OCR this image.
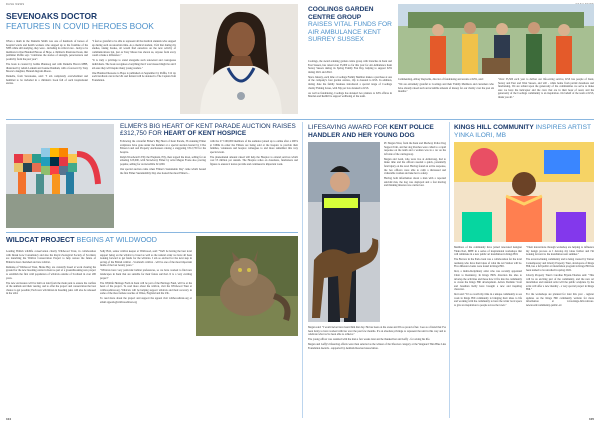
DASH NEWS
SEVENOAKS DOCTOR
FEATURES IN COVID HEROES BOOK

When a mum in the Danielle Smith was one of hundreds of heroes of hospital wards and health workers who stepped up to the frontline of the NHS while still studying, they were - including its critical care - lucky to be members in One Hundred Heroes of Hope, a children's illustrated book, that publisher Puffin says "celebrates the stories of strength, perseverance and positivity from the past year".

The book is created by Jeddie Phuntsog and with Danielle Brown MBE, illustrated by Adam Larkum and Joanne Dunham, with a foreword by Tony Moore's daughter, Hannah Ingram-Moore.

Danielle, from Sevenoaks, said: "I am completely overwhelmed and humbled to be included in a children's book full of such inspirational stories.

"I feel so grateful to be able to represent all the medical students who stepped up during such an uncertain time. As a medical student, I felt that during my studies, taking breaks, all would find ourselves on the new activity of communications but, just as Tony Moore has shown us, anyone from every could a make a difference."

"It is truly a privilege to stand alongside such renowned and courageous individuals. The book recognises everything that I was blessed might be and I am sure they will inspire many young readers."

One Hundred Reasons to Hope is published on September by Puffin, £12 rrp each hardback can in the UK and Ireland will be donated to The Captain Tom Foundation.

COOLINGS GARDEN CENTRE GROUP
RAISES VITAL FUNDS FOR AIR AMBULANCE KENT SURREY SUSSEX

Coolings, the award-winning garden centre group with branches in Kent and East Sussex, has raised over £5,000 so far this year for Air Ambulance Kent Surrey Sussex during its Spring Family Fun Day, helping to support KSS during 2021 and 2022.

Since January, each time a Coolings Family Member makes a purchase at one of the company's four garden centres, 10p is donated to KSS. In addition, during June the family business introduced a special range of Coolings charity Fishing boxes, with 50p per box donated to KSS.

As well as fundraising, Coolings has donated two planters to KSS offices in Marden and Redhill to support wellbeing of the team.

Commenting, Abbey Reynolds, director of fundraising and events at KSS, said:

"We are extremely grateful to Coolings and their Family Members and customers who have already raised such an incredible amount of money for our charity over the past six months."

"Over £5,500 each year to deliver our life-saving service, KSS has people of Kent, Surrey and East and West Sussex, and will - while home from partial donations and fundraising. We are reliant upon the generosity of the communities we serve to make sure we have the helicopter and the crew that are in their hour of need, and the generosity of the Coolings community is an inspiration. On behalf of the team at KSS, thank you all."

ELMER'S BIG HEART OF KENT PARADE AUCTION RAISES £312,750 FOR HEART OF KENT HOSPICE

Following the colourful Elmer's Big Heart of Kent Parade, 36 stunning Elmer sculptures have gone under the hammer at a special auction hosted by Clive Emson Land and Property Auctioneers raising a staggering £312,750 for the hospice.

Ralph Woodward's Elly the Elephant, Elly, then topped the most, selling for an amazing £23,000, with Strawberry Elmer by artist Megan Evans also proving popular, selling for an incredible £21,000.

Our special auction came when 'Elmer's Sustainable Day' came which hosted the first Elmer Sustainability Day also hosted the most Elmer's...

with the 27 £190,000 members of the audience joined up to online after a 200% at £269k in order the Elmers are being sold at the hospice to provide their families, volunteers and hospice colleagues to and more remember this very special event.

The phenomenal amount raised will help the Hospice to extend services which cost £3 million per annum. The Hospice relies on donations, fundraisers and figures to ensure it leaves provide and continues its important work.

LIFESAVING AWARD FOR KENT POLICE HANDLER AND HER YOUNG DOG

PC Megan West, from the Kent and Medway Police Dog Support Unit, and her dog Peaches were called to a rapid response on the tenth and a woman was in a car on the left side of the carriageway.

Megan and Leah, who were two at Armstrong, had to make time and the officers needed a quick, potentially fatal injury on the road. Having found an active response, the two officers were able to calm a distressed and vulnerable woman and take her to safety.

Having both information about a man with a reported suicidal risk, the dog was deployed and a fast moving and thinking mission was carried out.

Megan said: "I would never have heard him that day. He has been on the scene and I'm so proud of her. I see as a friend that I've been lucky to have worked with her over the past few months. It's an absolute privilege to represent the unit in this way and to celebrate what we've been able to achieve."

The young officer was reunited with the man a few weeks later and he thanked her and Gaffy - for saving his life.

Megan and Gaffy's lifesaving efforts were then selected as the winner of the lifesaver category at the Vanguard Thin Blue Line Foundation Awards - supported by Animals Rescued Association.

KINGS HILL COMMUNITY INSPIRES ARTIST YINKA ILORI, MB

Members of the community have joined renowned designer Yinka Ilori, MBE in a series of inspirational workshops that will culminate in a new public art installation in Kings Hill.

The Borrow in the Park event was a collaboration for the local residents who have their ideas of what the Art Station will be. Five different events were found in Kings Hill.

Ilori, a multi-disciplinary artist who was recently appointed Chair to Residency, In Kings Hill's direction the idea to develop the activities and these how it fits into the community to create the Kings Hill development. Artists Dominic Scott and Jonathan Kelly have brought a new and inspiring character.

Ilori said: "It's so worth my time in a unique community to see work in Kings Hill community is bringing their ideas to life and working with the community to have the wider local space to give an inspiration to people across the town."

"Their interactions through workshop are helping to influence my design process as I develop my ideas further and I'm looking forward to the installation next summer."

The award-winning community and is being created by Turner Contemporary and Liberty Property Trust, developers of Kings Hill, has a full public art installation program in Kings Hill has been named to be unveiled in spring 2022.

Liberty Property Trust's Caroline Bryant-Thomas said: "This will be an exciting part of the community, and the new art installation and talented artist will the public sculpture by the artist will offer a new identity - a very special project in Kings Hill."

For the workshops are planned for later this year - register updates on the Kings Hill community website for more information at www.kings-hill.com/our-newsroom/community-public-art

WILDCAT PROJECT BEGINS AT WILDWOOD

Leading British wildlife conservation charity Wildwood Trust, in collaboration with Derek Gow Consultancy and also the Royal Zoological Society of Scotland, are launching the Wildcat Conservation Project to help restore the future of Britain's most cherished and rare wildcat.

Remains of Wildwood Trust, Herne Bay, are currently based at work clearing the ground for the new breeding centre in Kent as part of a groundbreaking new project to establish the first wild population of wildcats outside of Scotland in over 200 years.

The new enclosures will be built on land from the main park to ensure the welfare of the animals and their rearing, and to offer the project and conservation the best chance to get possible; Each new wild kitten in breeding pairs will also be released in the wild.

Sally Holt, senior wildcat keeper at Wildwood, said: "We'll be having the best local support being on the wildcat to breed as well as the natural order we have all been looking forward to get funds for the wildcats. I am so excited for the next step in saving of the British wildcat - Scotland's wildcat - will be one of the most important fields of the last twenty years."

"Wildcats have very particular habitat preferences, so we have worked to find new landscapes in Kent that are suitable for their future survival. It is a very exciting project"

The Wildlife Heritage Farm in Kent will be part of the Heritage Fund, will be at the heart of the project. To read more about the wildcat, visit the Wildwood Trust at wildwoodtrust.org. Wildcats will be helping support wildcats and their recovery in some of the most remote reaches of Wales, England and the UK.

To read more about the project and support the appeal visit wildwoodtrust.org or email appeals@wildwoodtrust.org

104	105
